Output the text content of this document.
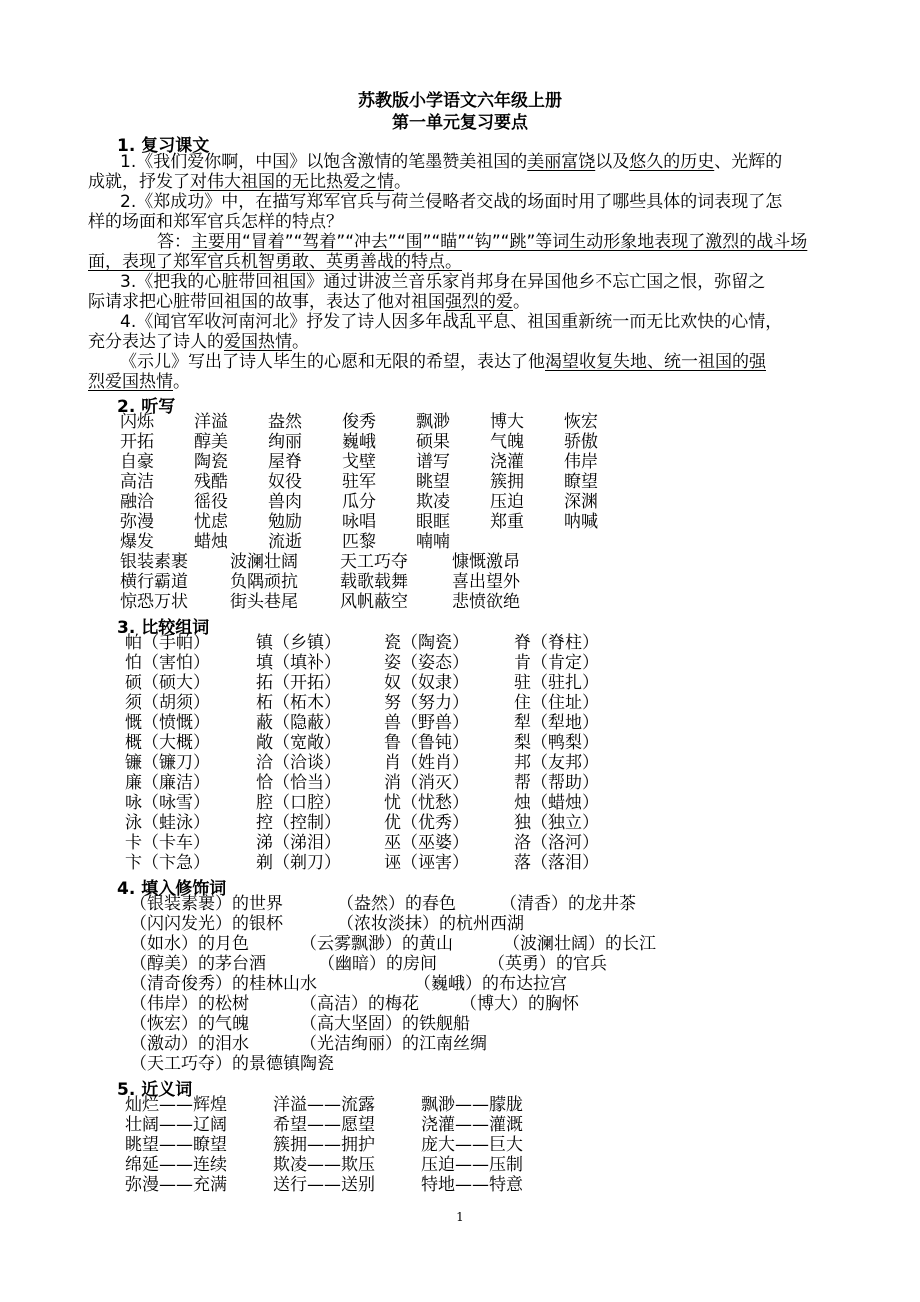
苏教版小学语文六年级上册
第一单元复习要点
1. 复习课文
1.《我们爱你啊，中国》以饱含激情的笔墨赞美祖国的美丽富饶以及悠久的历史、光辉的
成就，抒发了对伟大祖国的无比热爱之情。
2.《郑成功》中，在描写郑军官兵与荷兰侵略者交战的场面时用了哪些具体的词表现了怎
样的场面和郑军官兵怎样的特点？
答：主要用“冒着”“驾着”“冲去”“围”“瞄”“钩”“跳”等词生动形象地表现了激烈的战斗场
面，表现了郑军官兵机智勇敢、英勇善战的特点。
3.《把我的心脏带回祖国》通过讲波兰音乐家肖邦身在异国他乡不忘亡国之恨，弥留之
际请求把心脏带回祖国的故事，表达了他对祖国强烈的爱。
4.《闻官军收河南河北》抒发了诗人因多年战乱平息、祖国重新统一而无比欢快的心情，
充分表达了诗人的爱国热情。
《示儿》写出了诗人毕生的心愿和无限的希望，表达了他渴望收复失地、统一祖国的强
烈爱国热情。
2. 听写
闪烁 洋溢 盎然 俊秀 飘渺 博大 恢宏
开拓 醇美 绚丽 巍峨 硕果 气魄 骄傲
自豪 陶瓷 屋脊 戈壁 谱写 浇灌 伟岸
高洁 残酷 奴役 驻军 眺望 簇拥 瞭望
融洽 徭役 兽肉 瓜分 欺凌 压迫 深渊
弥漫 忧虑 勉励 咏唱 眼眶 郑重 呐喊
爆发 蜡烛 流逝 匹黎 喃喃
银装素裹 波澜壮阔 天工巧夺	慷慨激昂
横行霸道 负隅顽抗 载歌载舞	喜出望外
惊恐万状 街头巷尾 风帆蔽空	悲愤欲绝
3. 比较组词
帕（手帕）	镇（乡镇）	瓷（陶瓷）	脊（脊柱）
怕（害怕）	填（填补）	姿（姿态）	肯（肯定）
硕（硕大）	拓（开拓）	奴（奴隶）	驻（驻扎）
须（胡须）	柘（柘木）	努（努力）	住（住址）
慨（愤慨）	蔽（隐蔽）	兽（野兽）	犁（犁地）
概（大概）	敞（宽敞）	鲁（鲁钝）	梨（鸭梨）
镰（镰刀）	洽（洽谈）	肖（姓肖）	邦（友邦）
廉（廉洁）	恰（恰当）	消（消灭）	帮（帮助）
咏（咏雪）	腔（口腔）	忧（忧愁）	烛（蜡烛）
泳（蛙泳）	控（控制）	优（优秀）	独（独立）
卡（卡车）	涕（涕泪）	巫（巫婆）	洛（洛河）
卞（卞急）	剃（剃刀）	诬（诬害）	落（落泪）
4. 填入修饰词
（银装素裹）的世界	（盎然）的春色	（清香）的龙井茶
（闪闪发光）的银杯	（浓妆淡抹）的杭州西湖
（如水）的月色	（云雾飘渺）的黄山	（波澜壮阔）的长江
（醇美）的茅台酒	（幽暗）的房间	（英勇）的官兵
（清奇俊秀）的桂林山水	（巍峨）的布达拉宫
（伟岸）的松树	（高洁）的梅花 （博大）的胸怀
（恢宏）的气魄	（高大坚固）的铁舰船
（激动）的泪水	（光洁绚丽）的江南丝绸
（天工巧夺）的景德镇陶瓷
5. 近义词
灿烂——辉煌	洋溢——流露	飘渺——朦胧
壮阔——辽阔	希望——愿望	浇灌——灌溉
眺望——瞭望	簇拥——拥护	庞大——巨大
绵延——连续	欺凌——欺压	压迫——压制
弥漫——充满	送行——送别	特地——特意
1
